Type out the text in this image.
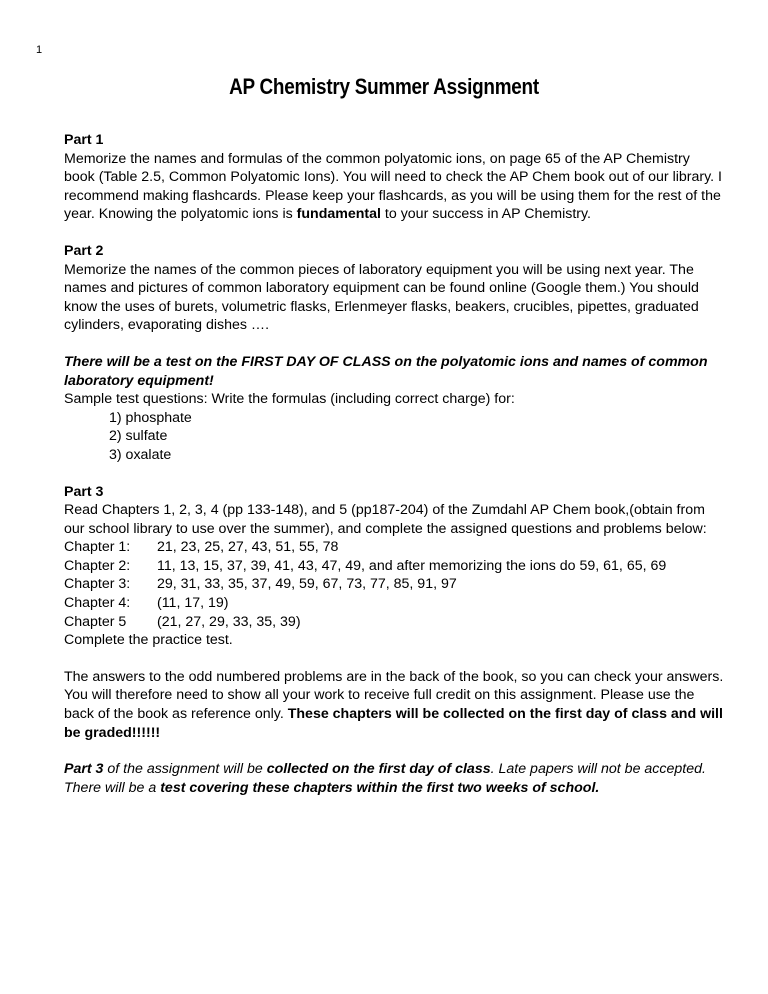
1
AP Chemistry Summer Assignment

Part 1

Memorize the names and formulas of the common polyatomic ions, on page 65 of the AP Chemistry book (Table 2.5, Common Polyatomic Ions). You will need to check the AP Chem book out of our library. I recommend making flashcards. Please keep your flashcards, as you will be using them for the rest of the year. Knowing the polyatomic ions is fundamental to your success in AP Chemistry.

Part 2

Memorize the names of the common pieces of laboratory equipment you will be using next year. The names and pictures of common laboratory equipment can be found online (Google them.) You should know the uses of burets, volumetric flasks, Erlenmeyer flasks, beakers, crucibles, pipettes, graduated cylinders, evaporating dishes ….

There will be a test on the FIRST DAY OF CLASS on the polyatomic ions and names of common laboratory equipment!

Sample test questions: Write the formulas (including correct charge) for:

1) phosphate
2) sulfate
3) oxalate

Part 3

Read Chapters 1, 2, 3, 4 (pp 133-148), and 5 (pp187-204) of the Zumdahl AP Chem book,(obtain from our school library to use over the summer), and complete the assigned questions and problems below:

Chapter 1:	21, 23, 25, 27, 43, 51, 55, 78
Chapter 2:	11, 13, 15, 37, 39, 41, 43, 47, 49, and after memorizing the ions do 59, 61, 65, 69
Chapter 3:	29, 31, 33, 35, 37, 49, 59, 67, 73, 77, 85, 91, 97
Chapter 4:	(11, 17, 19)
Chapter 5	(21, 27, 29, 33, 35, 39)

Complete the practice test.

The answers to the odd numbered problems are in the back of the book, so you can check your answers. You will therefore need to show all your work to receive full credit on this assignment. Please use the back of the book as reference only. These chapters will be collected on the first day of class and will be graded!!!!!!

Part 3 of the assignment will be collected on the first day of class. Late papers will not be accepted. There will be a test covering these chapters within the first two weeks of school.
